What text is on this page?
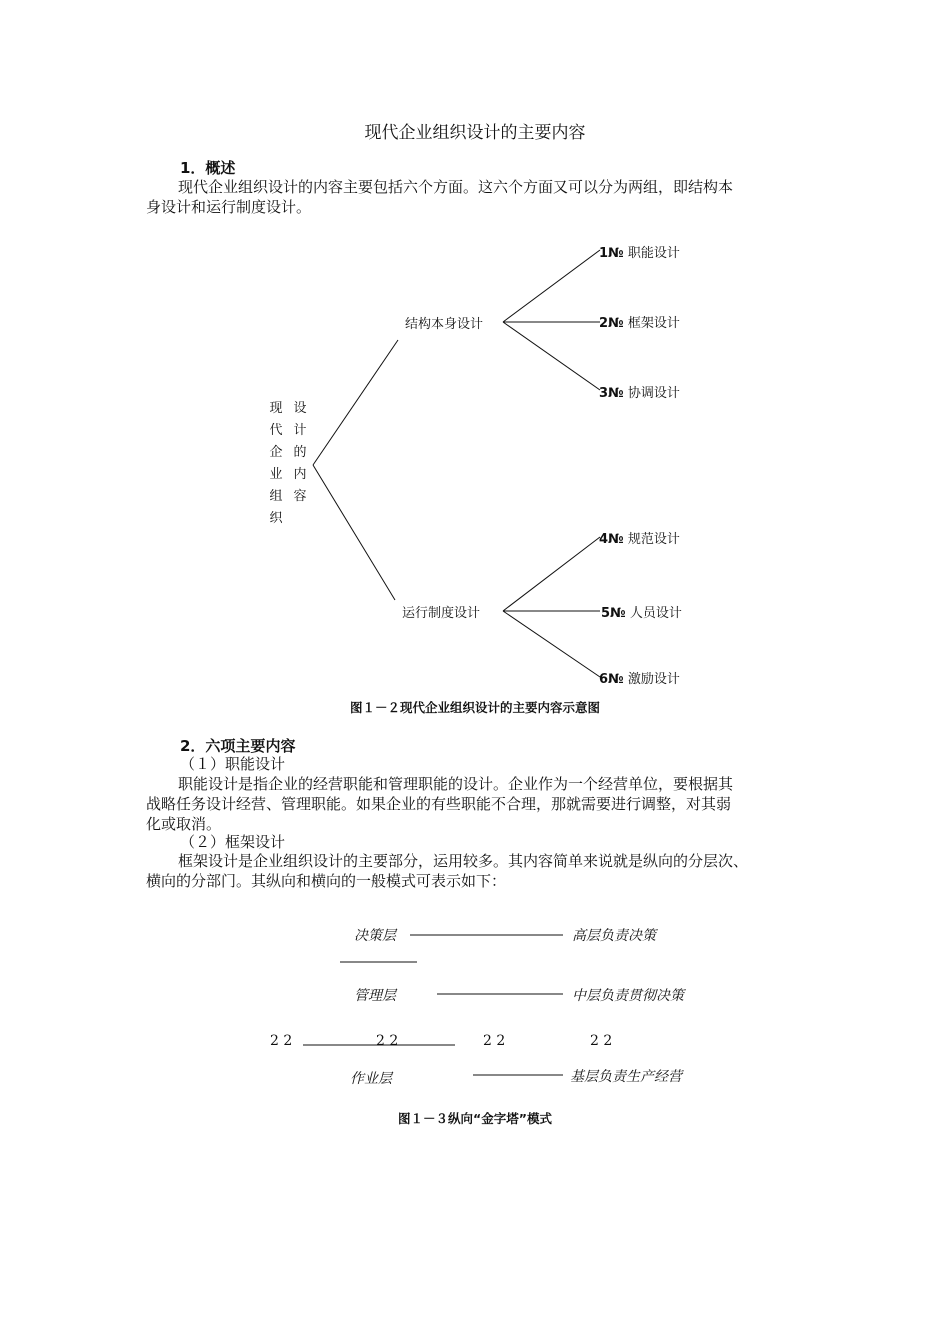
现代企业组织设计的主要内容
1．概述
现代企业组织设计的内容主要包括六个方面。这六个方面又可以分为两组，即结构本
身设计和运行制度设计。
现
代
企
业
组
织
设
计
的
内
容
结构本身设计
运行制度设计
1№ 职能设计
2№ 框架设计
3№ 协调设计
4№ 规范设计
5№ 人员设计
6№ 激励设计
图１－２现代企业组织设计的主要内容示意图
2．六项主要内容
（１）职能设计
职能设计是指企业的经营职能和管理职能的设计。企业作为一个经营单位，要根据其
战略任务设计经营、管理职能。如果企业的有些职能不合理，那就需要进行调整，对其弱
化或取消。
（２）框架设计
框架设计是企业组织设计的主要部分，运用较多。其内容简单来说就是纵向的分层次、
横向的分部门。其纵向和横向的一般模式可表示如下：
决策层	高层负责决策
管理层	中层负责贯彻决策
2 2	2 2	2 2	2 2
作业层	基层负责生产经营
图１－３纵向“金字塔”模式
